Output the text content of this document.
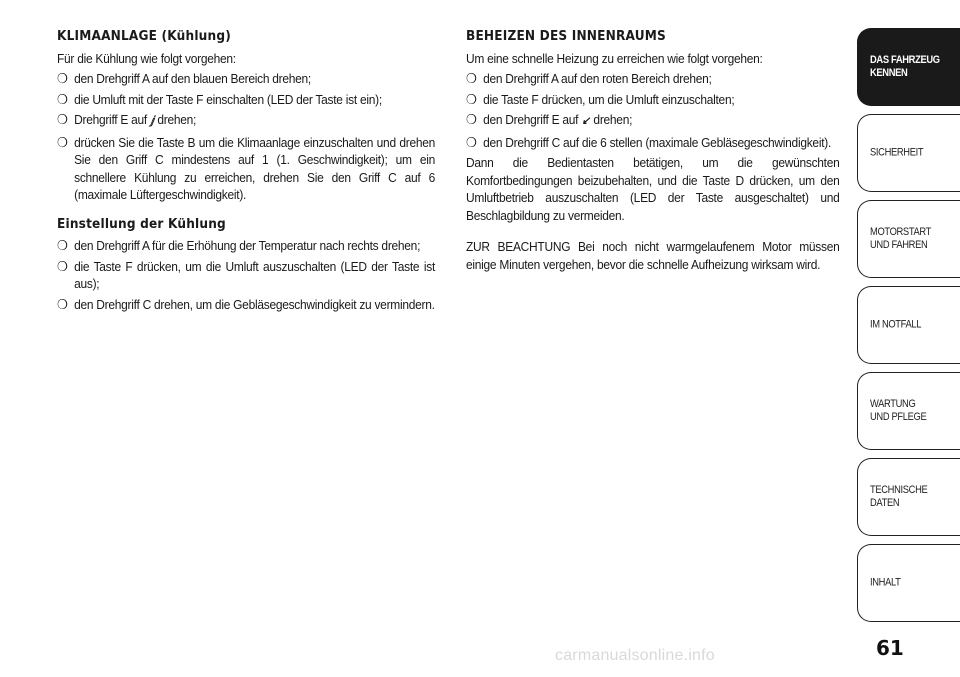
KLIMAANLAGE (Kühlung)

Für die Kühlung wie folgt vorgehen:

❍ den Drehgriff A auf den blauen Bereich drehen;
❍ die Umluft mit der Taste F einschalten (LED der Taste ist ein);
❍ Drehgriff E auf ⅉ drehen;
❍ drücken Sie die Taste B um die Klimaanlage einzuschalten und drehen Sie den Griff C mindestens auf 1 (1. Geschwindigkeit); um ein schnellere Kühlung zu erreichen, drehen Sie den Griff C auf 6 (maximale Lüftergeschwindigkeit).
Einstellung der Kühlung
❍ den Drehgriff A für die Erhöhung der Temperatur nach rechts drehen;
❍ die Taste F drücken, um die Umluft auszuschalten (LED der Taste ist aus);
❍ den Drehgriff C drehen, um die Gebläsegeschwindigkeit zu vermindern.
BEHEIZEN DES INNENRAUMS

Um eine schnelle Heizung zu erreichen wie folgt vorgehen:

❍ den Drehgriff A auf den roten Bereich drehen;
❍ die Taste F drücken, um die Umluft einzuschalten;
❍ den Drehgriff E auf ↙ drehen;
❍ den Drehgriff C auf die 6 stellen (maximale Gebläsegeschwindigkeit).

Dann die Bedientasten betätigen, um die gewünschten Komfortbedingungen beizubehalten, und die Taste D drücken, um den Umluftbetrieb auszuschalten (LED der Taste ausgeschaltet) und Beschlagbildung zu vermeiden.

ZUR BEACHTUNG Bei noch nicht warmgelaufenem Motor müssen einige Minuten vergehen, bevor die schnelle Aufheizung wirksam wird.

DAS FAHRZEUG
KENNEN
SICHERHEIT
MOTORSTART
UND FAHREN
IM NOTFALL
WARTUNG
UND PFLEGE
TECHNISCHE
DATEN
INHALT
61
carmanualsonline.info
